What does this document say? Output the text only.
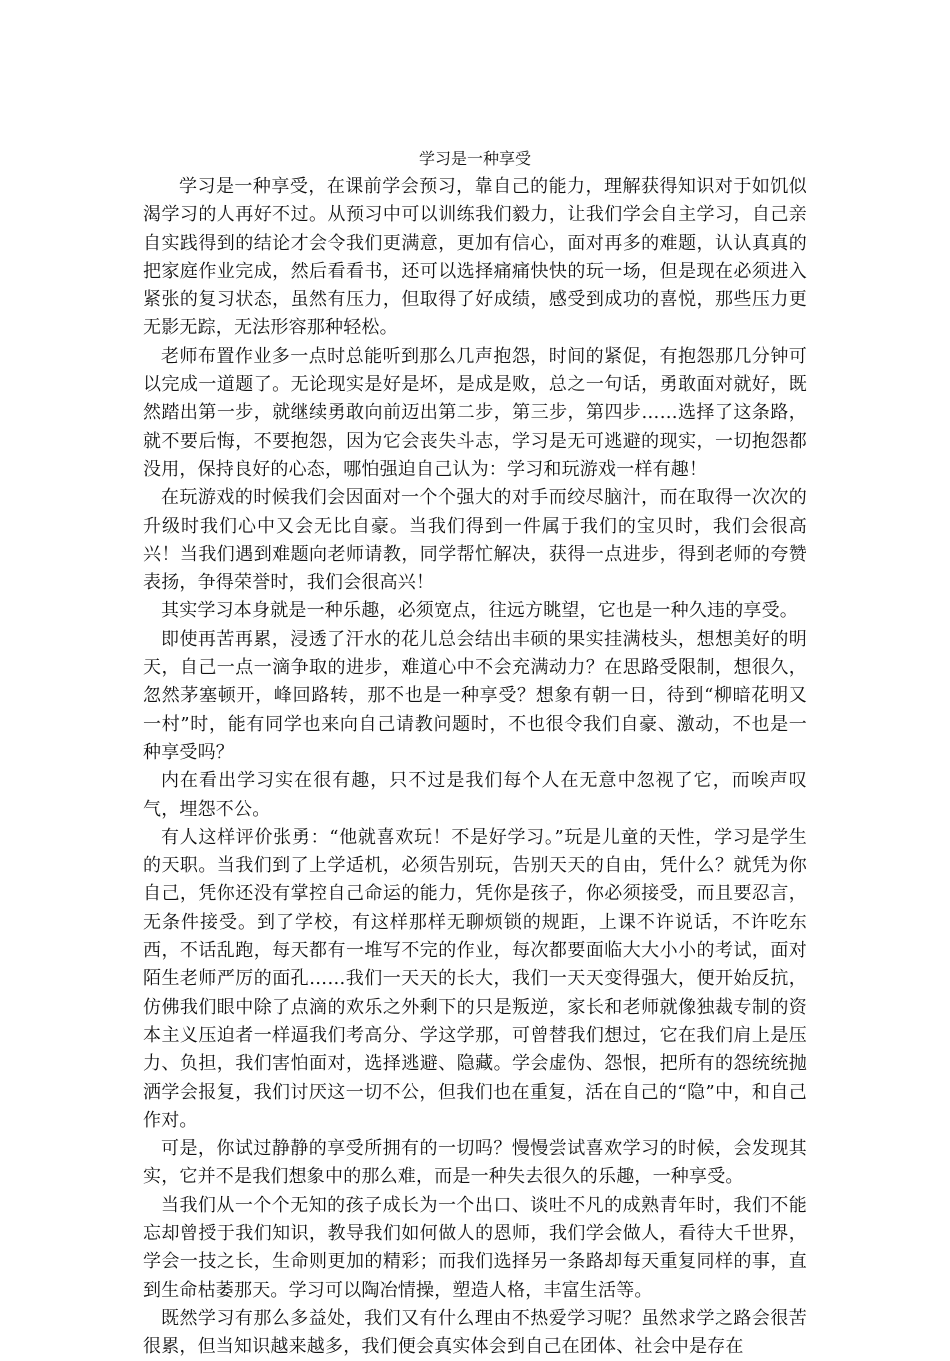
学习是一种享受

学习是一种享受，在课前学会预习，靠自己的能力，理解获得知识对于如饥似渴学习的人再好不过。从预习中可以训练我们毅力，让我们学会自主学习，自己亲自实践得到的结论才会令我们更满意，更加有信心，面对再多的难题，认认真真的把家庭作业完成，然后看看书，还可以选择痛痛快快的玩一场，但是现在必须进入紧张的复习状态，虽然有压力，但取得了好成绩，感受到成功的喜悦，那些压力更无影无踪，无法形容那种轻松。

老师布置作业多一点时总能听到那么几声抱怨，时间的紧促，有抱怨那几分钟可以完成一道题了。无论现实是好是坏，是成是败，总之一句话，勇敢面对就好，既然踏出第一步，就继续勇敢向前迈出第二步，第三步，第四步……选择了这条路，就不要后悔，不要抱怨，因为它会丧失斗志，学习是无可逃避的现实，一切抱怨都没用，保持良好的心态，哪怕强迫自己认为：学习和玩游戏一样有趣！

在玩游戏的时候我们会因面对一个个强大的对手而绞尽脑汁，而在取得一次次的升级时我们心中又会无比自豪。当我们得到一件属于我们的宝贝时，我们会很高兴！当我们遇到难题向老师请教，同学帮忙解决，获得一点进步，得到老师的夸赞表扬，争得荣誉时，我们会很高兴！

其实学习本身就是一种乐趣，必须宽点，往远方眺望，它也是一种久违的享受。

即使再苦再累，浸透了汗水的花儿总会结出丰硕的果实挂满枝头，想想美好的明天，自己一点一滴争取的进步，难道心中不会充满动力？在思路受限制，想很久，忽然茅塞顿开，峰回路转，那不也是一种享受？想象有朝一日，待到“柳暗花明又一村”时，能有同学也来向自己请教问题时，不也很令我们自豪、激动，不也是一种享受吗？

内在看出学习实在很有趣，只不过是我们每个人在无意中忽视了它，而唉声叹气，埋怨不公。

有人这样评价张勇：“他就喜欢玩！不是好学习。”玩是儿童的天性，学习是学生的天职。当我们到了上学适机，必须告别玩，告别天天的自由，凭什么？就凭为你自己，凭你还没有掌控自己命运的能力，凭你是孩子，你必须接受，而且要忍言，无条件接受。到了学校，有这样那样无聊烦锁的规距，上课不许说话，不许吃东西，不话乱跑，每天都有一堆写不完的作业，每次都要面临大大小小的考试，面对陌生老师严厉的面孔……我们一天天的长大，我们一天天变得强大，便开始反抗，仿佛我们眼中除了点滴的欢乐之外剩下的只是叛逆，家长和老师就像独裁专制的资本主义压迫者一样逼我们考高分、学这学那，可曾替我们想过，它在我们肩上是压力、负担，我们害怕面对，选择逃避、隐藏。学会虚伪、怨恨，把所有的怨统统抛洒学会报复，我们讨厌这一切不公，但我们也在重复，活在自己的“隐”中，和自己作对。

可是，你试过静静的享受所拥有的一切吗？慢慢尝试喜欢学习的时候，会发现其实，它并不是我们想象中的那么难，而是一种失去很久的乐趣，一种享受。

当我们从一个个无知的孩子成长为一个出口、谈吐不凡的成熟青年时，我们不能忘却曾授于我们知识，教导我们如何做人的恩师，我们学会做人，看待大千世界，学会一技之长，生命则更加的精彩；而我们选择另一条路却每天重复同样的事，直到生命枯萎那天。学习可以陶冶情操，塑造人格，丰富生活等。

既然学习有那么多益处，我们又有什么理由不热爱学习呢？虽然求学之路会很苦很累，但当知识越来越多，我们便会真实体会到自己在团体、社会中是存在
